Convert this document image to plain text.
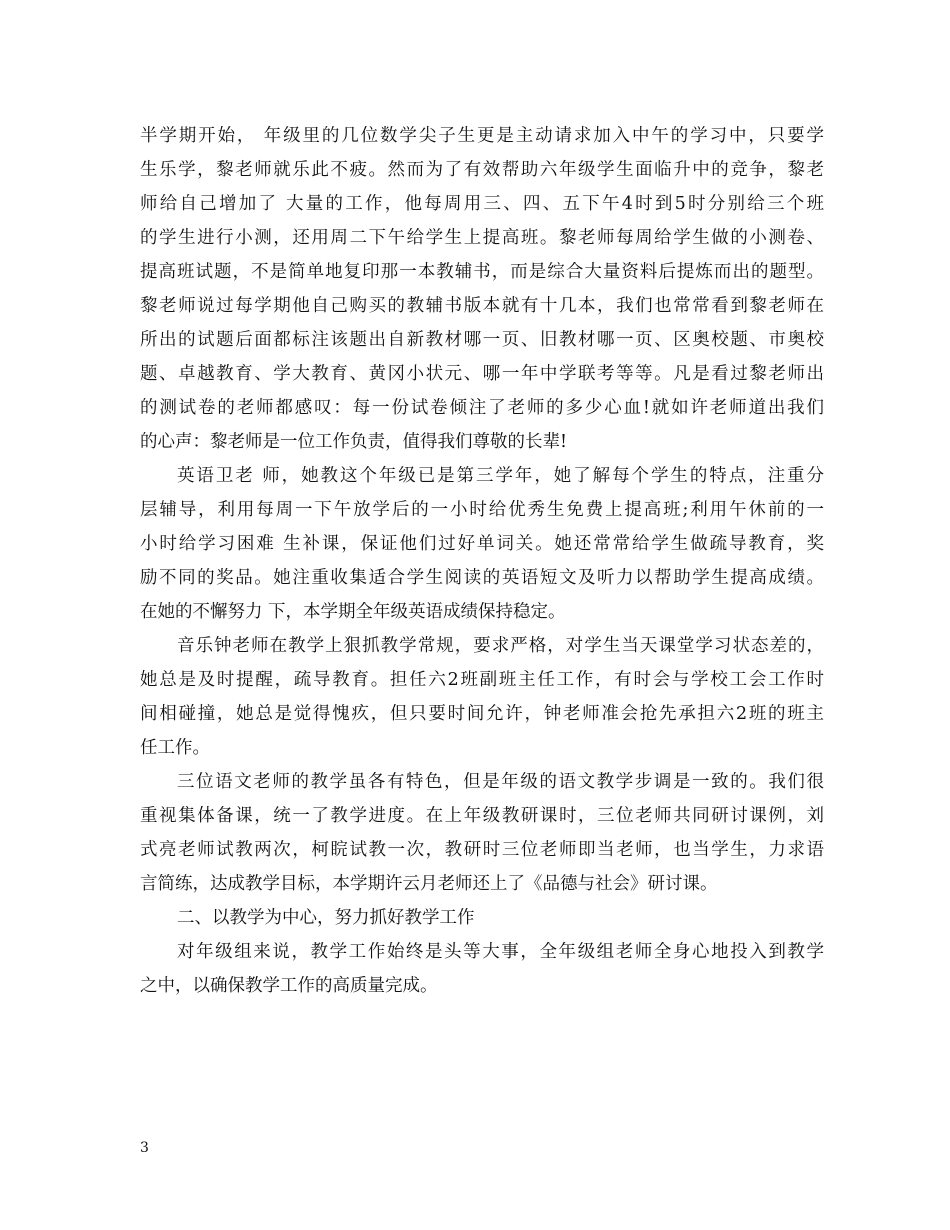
半学期开始， 年级里的几位数学尖子生更是主动请求加入中午的学习中，只要学
生乐学，黎老师就乐此不疲。然而为了有效帮助六年级学生面临升中的竞争，黎老
师给自己增加了 大量的工作，他每周用三、四、五下午4时到5时分别给三个班
的学生进行小测，还用周二下午给学生上提高班。黎老师每周给学生做的小测卷、
提高班试题，不是简单地复印那一本教辅书，而是综合大量资料后提炼而出的题型。
黎老师说过每学期他自己购买的教辅书版本就有十几本，我们也常常看到黎老师在
所出的试题后面都标注该题出自新教材哪一页、旧教材哪一页、区奥校题、市奥校
题、卓越教育、学大教育、黄冈小状元、哪一年中学联考等等。凡是看过黎老师出
的测试卷的老师都感叹：每一份试卷倾注了老师的多少心血!就如许老师道出我们
的心声：黎老师是一位工作负责，值得我们尊敬的长辈!
英语卫老 师，她教这个年级已是第三学年，她了解每个学生的特点，注重分
层辅导，利用每周一下午放学后的一小时给优秀生免费上提高班;利用午休前的一
小时给学习困难 生补课，保证他们过好单词关。她还常常给学生做疏导教育，奖
励不同的奖品。她注重收集适合学生阅读的英语短文及听力以帮助学生提高成绩。
在她的不懈努力 下，本学期全年级英语成绩保持稳定。
音乐钟老师在教学上狠抓教学常规，要求严格，对学生当天课堂学习状态差的，
她总是及时提醒，疏导教育。担任六2班副班主任工作，有时会与学校工会工作时
间相碰撞，她总是觉得愧疚，但只要时间允许，钟老师准会抢先承担六2班的班主
任工作。
三位语文老师的教学虽各有特色，但是年级的语文教学步调是一致的。我们很
重视集体备课，统一了教学进度。在上年级教研课时，三位老师共同研讨课例，刘
式亮老师试教两次，柯睆试教一次，教研时三位老师即当老师，也当学生，力求语
言简练，达成教学目标，本学期许云月老师还上了《品德与社会》研讨课。
二、以教学为中心，努力抓好教学工作
对年级组来说，教学工作始终是头等大事，全年级组老师全身心地投入到教学
之中，以确保教学工作的高质量完成。
3
